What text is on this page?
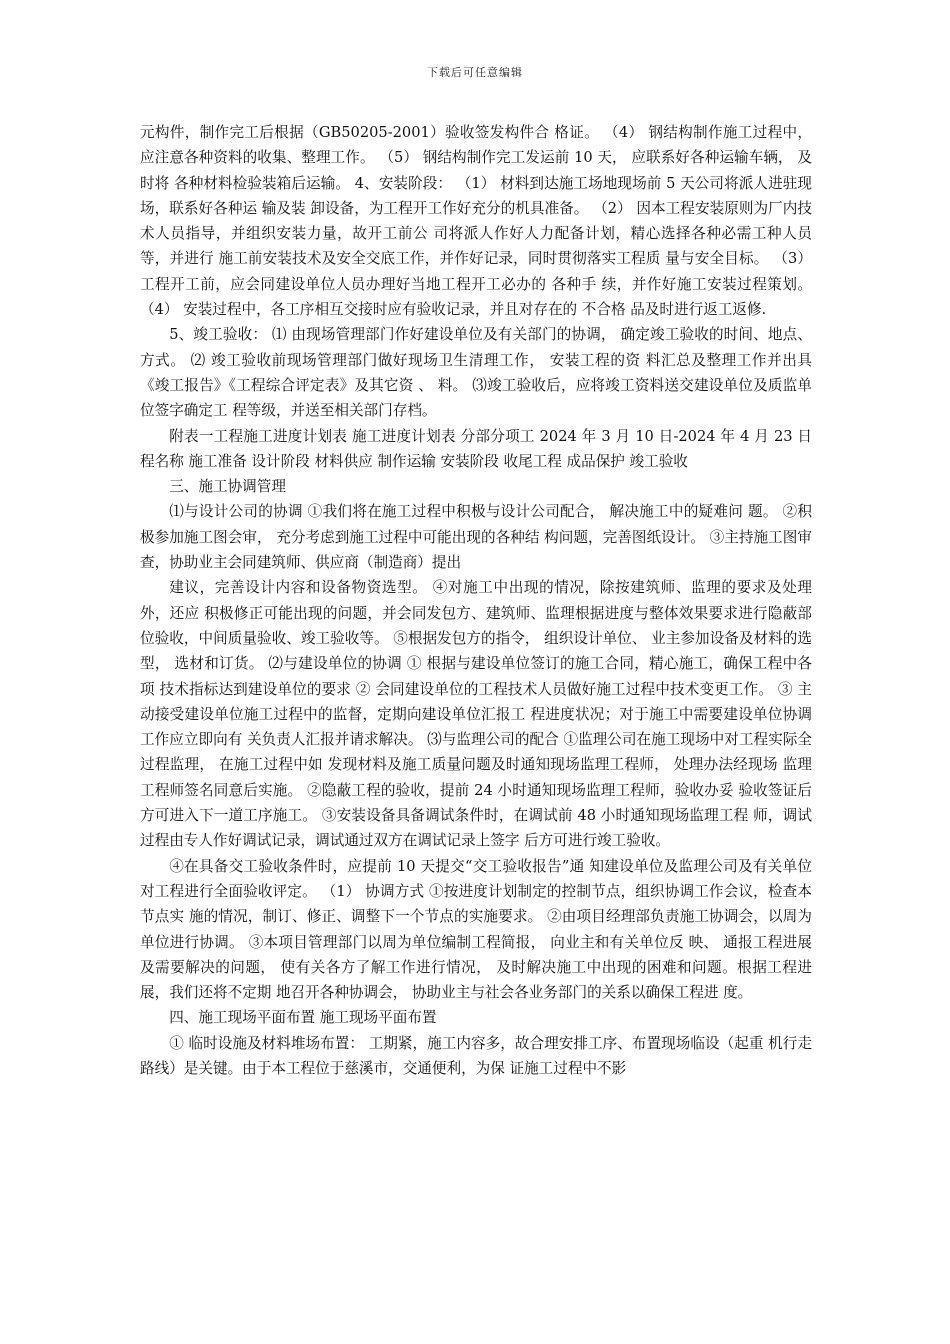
下载后可任意编辑

元构件，制作完工后根据（GB50205-2001）验收签发构件合 格证。 （4） 钢结构制作施工过程中，应注意各种资料的收集、整理工作。 （5） 钢结构制作完工发运前 10 天， 应联系好各种运输车辆， 及时将 各种材料检验装箱后运输。 4、安装阶段： （1） 材料到达施工场地现场前 5 天公司将派人进驻现场，联系好各种运 输及装 卸设备，为工程开工作好充分的机具准备。 （2） 因本工程安装原则为厂内技术人员指导，并组织安装力量，故开工前公 司将派人作好人力配备计划，精心选择各种必需工种人员等，并进行 施工前安装技术及安全交底工作，并作好记录，同时贯彻落实工程质 量与安全目标。 （3） 工程开工前，应会同建设单位人员办理好当地工程开工必办的 各种手 续，并作好施工安装过程策划。 （4） 安装过程中，各工序相互交接时应有验收记录，并且对存在的 不合格 品及时进行返工返修.

5、竣工验收： ⑴ 由现场管理部门作好建设单位及有关部门的协调， 确定竣工验收的时间、地点、方式。 ⑵ 竣工验收前现场管理部门做好现场卫生清理工作， 安装工程的资 料汇总及整理工作并出具《竣工报告》《工程综合评定表》及其它资 、 料。 ⑶竣工验收后，应将竣工资料送交建设单位及质监单位签字确定工 程等级，并送至相关部门存档。

附表一工程施工进度计划表 施工进度计划表 分部分项工 2024 年 3 月 10 日-2024 年 4 月 23 日 程名称 施工准备 设计阶段 材料供应 制作运输 安装阶段 收尾工程 成品保护 竣工验收

三、施工协调管理

⑴与设计公司的协调 ①我们将在施工过程中积极与设计公司配合， 解决施工中的疑难问 题。 ②积极参加施工图会审， 充分考虑到施工过程中可能出现的各种结 构问题，完善图纸设计。 ③主持施工图审查，协助业主会同建筑师、供应商（制造商）提出

建议，完善设计内容和设备物资选型。 ④对施工中出现的情况，除按建筑师、监理的要求及处理外，还应 积极修正可能出现的问题，并会同发包方、建筑师、监理根据进度与整体效果要求进行隐蔽部位验收，中间质量验收、竣工验收等。 ⑤根据发包方的指令， 组织设计单位、 业主参加设备及材料的选型， 选材和订货。 ⑵与建设单位的协调 ① 根据与建设单位签订的施工合同，精心施工，确保工程中各项 技术指标达到建设单位的要求 ② 会同建设单位的工程技术人员做好施工过程中技术变更工作。 ③ 主动接受建设单位施工过程中的监督，定期向建设单位汇报工 程进度状况；对于施工中需要建设单位协调工作应立即向有 关负责人汇报并请求解决。 ⑶与监理公司的配合 ①监理公司在施工现场中对工程实际全过程监理， 在施工过程中如 发现材料及施工质量问题及时通知现场监理工程师， 处理办法经现场 监理工程师签名同意后实施。 ②隐蔽工程的验收，提前 24 小时通知现场监理工程师，验收办妥 验收签证后方可进入下一道工序施工。 ③安装设备具备调试条件时，在调试前 48 小时通知现场监理工程 师，调试过程由专人作好调试记录，调试通过双方在调试记录上签字 后方可进行竣工验收。

④在具备交工验收条件时，应提前 10 天提交“交工验收报告”通 知建设单位及监理公司及有关单位对工程进行全面验收评定。 （1） 协调方式 ①按进度计划制定的控制节点，组织协调工作会议，检查本节点实 施的情况，制订、修正、调整下一个节点的实施要求。 ②由项目经理部负责施工协调会，以周为单位进行协调。 ③本项目管理部门以周为单位编制工程简报， 向业主和有关单位反 映、 通报工程进展及需要解决的问题， 使有关各方了解工作进行情况， 及时解决施工中出现的困难和问题。根据工程进展，我们还将不定期 地召开各种协调会， 协助业主与社会各业务部门的关系以确保工程进 度。

四、施工现场平面布置 施工现场平面布置

① 临时设施及材料堆场布置： 工期紧，施工内容多，故合理安排工序、布置现场临设（起重 机行走路线）是关键。由于本工程位于慈溪市，交通便利，为保 证施工过程中不影
